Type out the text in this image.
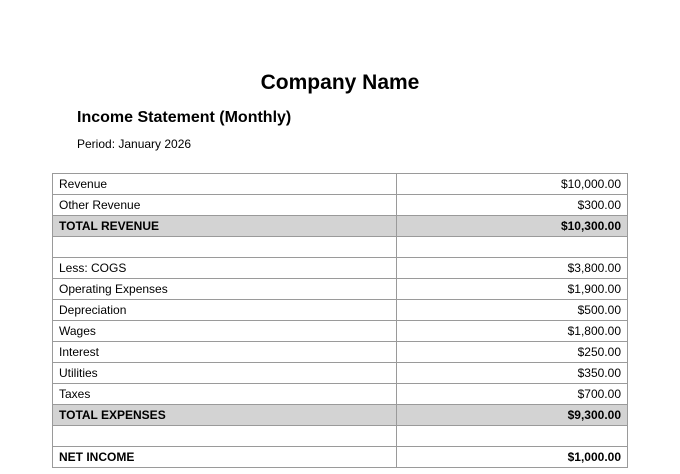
Company Name
Income Statement (Monthly)
Period: January 2026
Revenue	$10,000.00
Other Revenue	$300.00
TOTAL REVENUE	$10,300.00

Less: COGS	$3,800.00
Operating Expenses	$1,900.00
Depreciation	$500.00
Wages	$1,800.00
Interest	$250.00
Utilities	$350.00
Taxes	$700.00
TOTAL EXPENSES	$9,300.00

NET INCOME	$1,000.00
